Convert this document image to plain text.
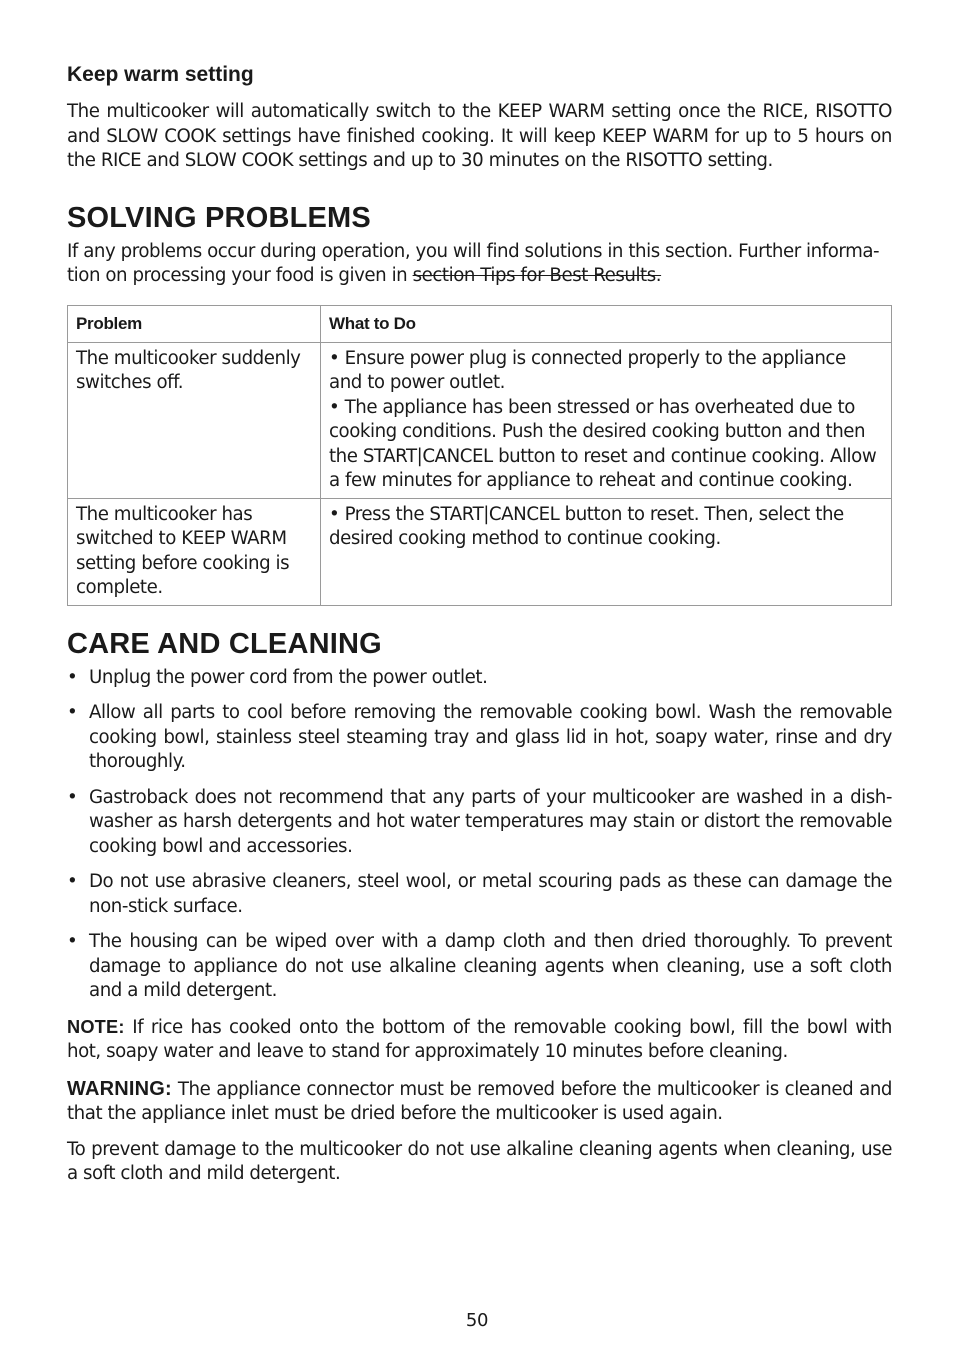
Keep warm setting

The multicooker will automatically switch to the KEEP WARM setting once the RICE, RISOTTO and SLOW COOK settings have finished cooking. It will keep KEEP WARM for up to 5 hours on the RICE and SLOW COOK settings and up to 30 minutes on the RISOTTO setting.

SOLVING PROBLEMS

If any problems occur during operation, you will find solutions in this section. Further informa-tion on processing your food is given in section Tips for Best Results.

Problem	What to Do
The multicooker suddenly switches off.	• Ensure power plug is connected properly to the appliance and to power outlet.
• The appliance has been stressed or has overheated due to cooking conditions. Push the desired cooking button and then the START|CANCEL button to reset and continue cooking. Allow a few minutes for appliance to reheat and continue cooking.

The multicooker has switched to KEEP WARM setting before cooking is complete.	• Press the START|CANCEL button to reset. Then, select the desired cooking method to continue cooking.
CARE AND CLEANING
• Unplug the power cord from the power outlet.
• Allow all parts to cool before removing the removable cooking bowl. Wash the removable cooking bowl, stainless steel steaming tray and glass lid in hot, soapy water, rinse and dry thoroughly.
• Gastroback does not recommend that any parts of your multicooker are washed in a dish-washer as harsh detergents and hot water temperatures may stain or distort the removable cooking bowl and accessories.
• Do not use abrasive cleaners, steel wool, or metal scouring pads as these can damage the non-stick surface.
• The housing can be wiped over with a damp cloth and then dried thoroughly. To prevent damage to appliance do not use alkaline cleaning agents when cleaning, use a soft cloth and a mild detergent.

NOTE: If rice has cooked onto the bottom of the removable cooking bowl, fill the bowl with hot, soapy water and leave to stand for approximately 10 minutes before cleaning.

WARNING: The appliance connector must be removed before the multicooker is cleaned and that the appliance inlet must be dried before the multicooker is used again.

To prevent damage to the multicooker do not use alkaline cleaning agents when cleaning, use a soft cloth and mild detergent.

50
